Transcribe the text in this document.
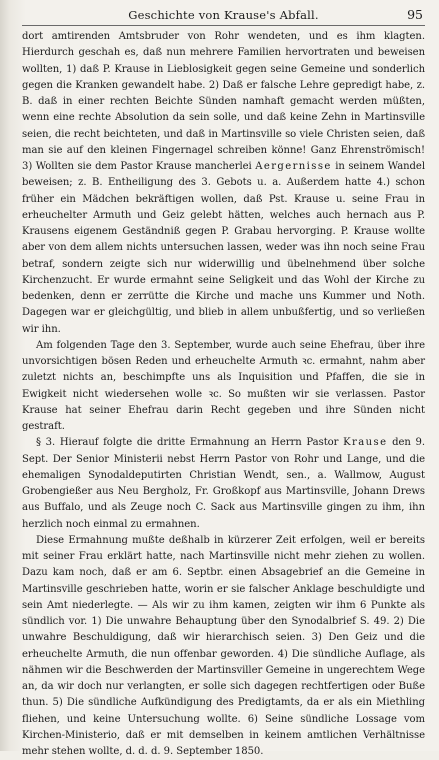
Geschichte von Krause's Abfall.	95

dort amtirenden Amtsbruder von Rohr wendeten, und es ihm klagten. Hierdurch geschah es, daß nun mehrere Familien hervortraten und beweisen wollten, 1) daß P. Krause in Lieblosigkeit gegen seine Gemeine und sonderlich gegen die Kranken gewandelt habe. 2) Daß er falsche Lehre gepredigt habe, z. B. daß in einer rechten Beichte Sünden namhaft gemacht werden müßten, wenn eine rechte Absolution da sein solle, und daß keine Zehn in Martinsville seien, die recht beichteten, und daß in Martinsville so viele Christen seien, daß man sie auf den kleinen Fingernagel schreiben könne! Ganz Ehrenströmisch! 3) Wollten sie dem Pastor Krause mancherlei Aergernisse in seinem Wandel beweisen; z. B. Entheiligung des 3. Gebots u. a. Außerdem hatte 4.) schon früher ein Mädchen bekräftigen wollen, daß Pst. Krause u. seine Frau in erheuchelter Armuth und Geiz gelebt hätten, welches auch hernach aus P. Krausens eigenem Geständniß gegen P. Grabau hervorging. P. Krause wollte aber von dem allem nichts untersuchen lassen, weder was ihn noch seine Frau betraf, sondern zeigte sich nur widerwillig und übelnehmend über solche Kirchenzucht. Er wurde ermahnt seine Seligkeit und das Wohl der Kirche zu bedenken, denn er zerrütte die Kirche und mache uns Kummer und Noth. Dagegen war er gleichgültig, und blieb in allem unbußfertig, und so verließen wir ihn.

Am folgenden Tage den 3. September, wurde auch seine Ehefrau, über ihre unvorsichtigen bösen Reden und erheuchelte Armuth ꝛc. ermahnt, nahm aber zuletzt nichts an, beschimpfte uns als Inquisition und Pfaffen, die sie in Ewigkeit nicht wiedersehen wolle ꝛc. So mußten wir sie verlassen. Pastor Krause hat seiner Ehefrau darin Recht gegeben und ihre Sünden nicht gestraft.

§ 3. Hierauf folgte die dritte Ermahnung an Herrn Pastor Krause den 9. Sept. Der Senior Ministerii nebst Herrn Pastor von Rohr und Lange, und die ehemaligen Synodaldeputirten Christian Wendt, sen., a. Wallmow, August Grobengießer aus Neu Bergholz, Fr. Großkopf aus Martinsville, Johann Drews aus Buffalo, und als Zeuge noch C. Sack aus Martinsville gingen zu ihm, ihn herzlich noch einmal zu ermahnen.

Diese Ermahnung mußte deßhalb in kürzerer Zeit erfolgen, weil er bereits mit seiner Frau erklärt hatte, nach Martinsville nicht mehr ziehen zu wollen. Dazu kam noch, daß er am 6. Septbr. einen Absagebrief an die Gemeine in Martinsville geschrieben hatte, worin er sie falscher Anklage beschuldigte und sein Amt niederlegte. — Als wir zu ihm kamen, zeigten wir ihm 6 Punkte als sündlich vor. 1) Die unwahre Behauptung über den Synodalbrief S. 49. 2) Die unwahre Beschuldigung, daß wir hierarchisch seien. 3) Den Geiz und die erheuchelte Armuth, die nun offenbar geworden. 4) Die sündliche Auflage, als nähmen wir die Beschwerden der Martinsviller Gemeine in ungerechtem Wege an, da wir doch nur verlangten, er solle sich dagegen rechtfertigen oder Buße thun. 5) Die sündliche Aufkündigung des Predigtamts, da er als ein Miethling fliehen, und keine Untersuchung wollte. 6) Seine sündliche Lossage vom Kirchen-Ministerio, daß er mit demselben in keinem amtlichen Verhältnisse mehr stehen wollte, d. d. d. 9. September 1850.
